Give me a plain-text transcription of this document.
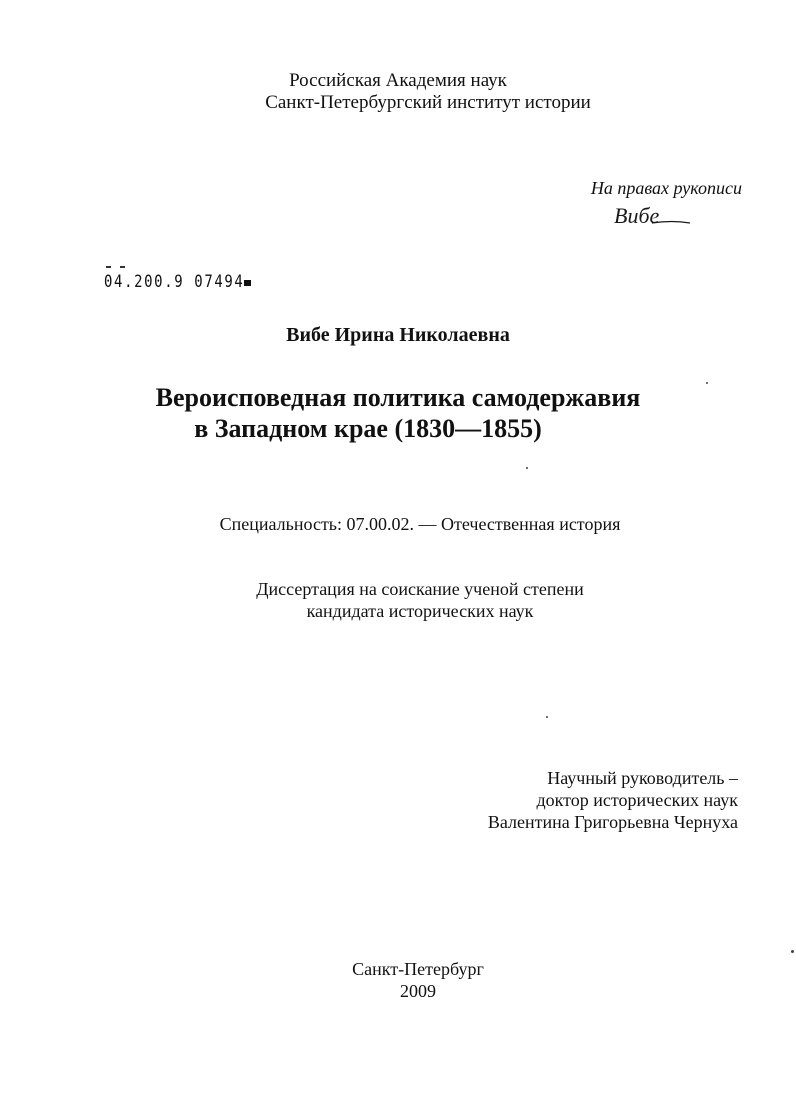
Российская Академия наук

Санкт-Петербургский институт истории

На правах рукописи

Вибе

04.200.9 07494

Вибе Ирина Николаевна

Вероисповедная политика самодержавия

в Западном крае (1830—1855)

Специальность: 07.00.02. — Отечественная история

Диссертация на соискание ученой степени

кандидата исторических наук

Научный руководитель –

доктор исторических наук

Валентина Григорьевна Чернуха

Санкт-Петербург

2009
